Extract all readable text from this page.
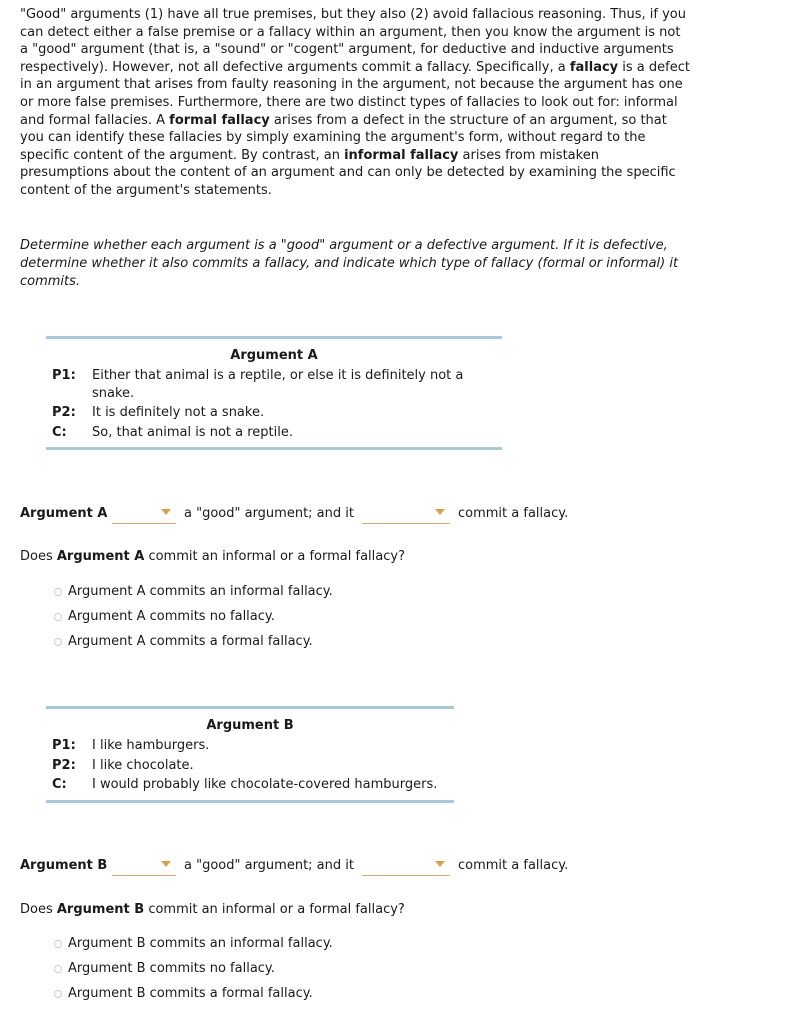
"Good" arguments (1) have all true premises, but they also (2) avoid fallacious reasoning. Thus, if you can detect either a false premise or a fallacy within an argument, then you know the argument is not a "good" argument (that is, a "sound" or "cogent" argument, for deductive and inductive arguments respectively). However, not all defective arguments commit a fallacy. Specifically, a fallacy is a defect in an argument that arises from faulty reasoning in the argument, not because the argument has one or more false premises. Furthermore, there are two distinct types of fallacies to look out for: informal and formal fallacies. A formal fallacy arises from a defect in the structure of an argument, so that you can identify these fallacies by simply examining the argument's form, without regard to the specific content of the argument. By contrast, an informal fallacy arises from mistaken presumptions about the content of an argument and can only be detected by examining the specific content of the argument's statements.
Determine whether each argument is a "good" argument or a defective argument. If it is defective, determine whether it also commits a fallacy, and indicate which type of fallacy (formal or informal) it commits.
Argument A
P1:	Either that animal is a reptile, or else it is definitely not a snake.
P2:	It is definitely not a snake.
C:	So, that animal is not a reptile.
Argument A	a "good" argument; and it	commit a fallacy.
Does Argument A commit an informal or a formal fallacy?
Argument A commits an informal fallacy.
Argument A commits no fallacy.
Argument A commits a formal fallacy.
Argument B
P1:	I like hamburgers.
P2:	I like chocolate.
C:	I would probably like chocolate-covered hamburgers.
Argument B	a "good" argument; and it	commit a fallacy.
Does Argument B commit an informal or a formal fallacy?
Argument B commits an informal fallacy.
Argument B commits no fallacy.
Argument B commits a formal fallacy.
